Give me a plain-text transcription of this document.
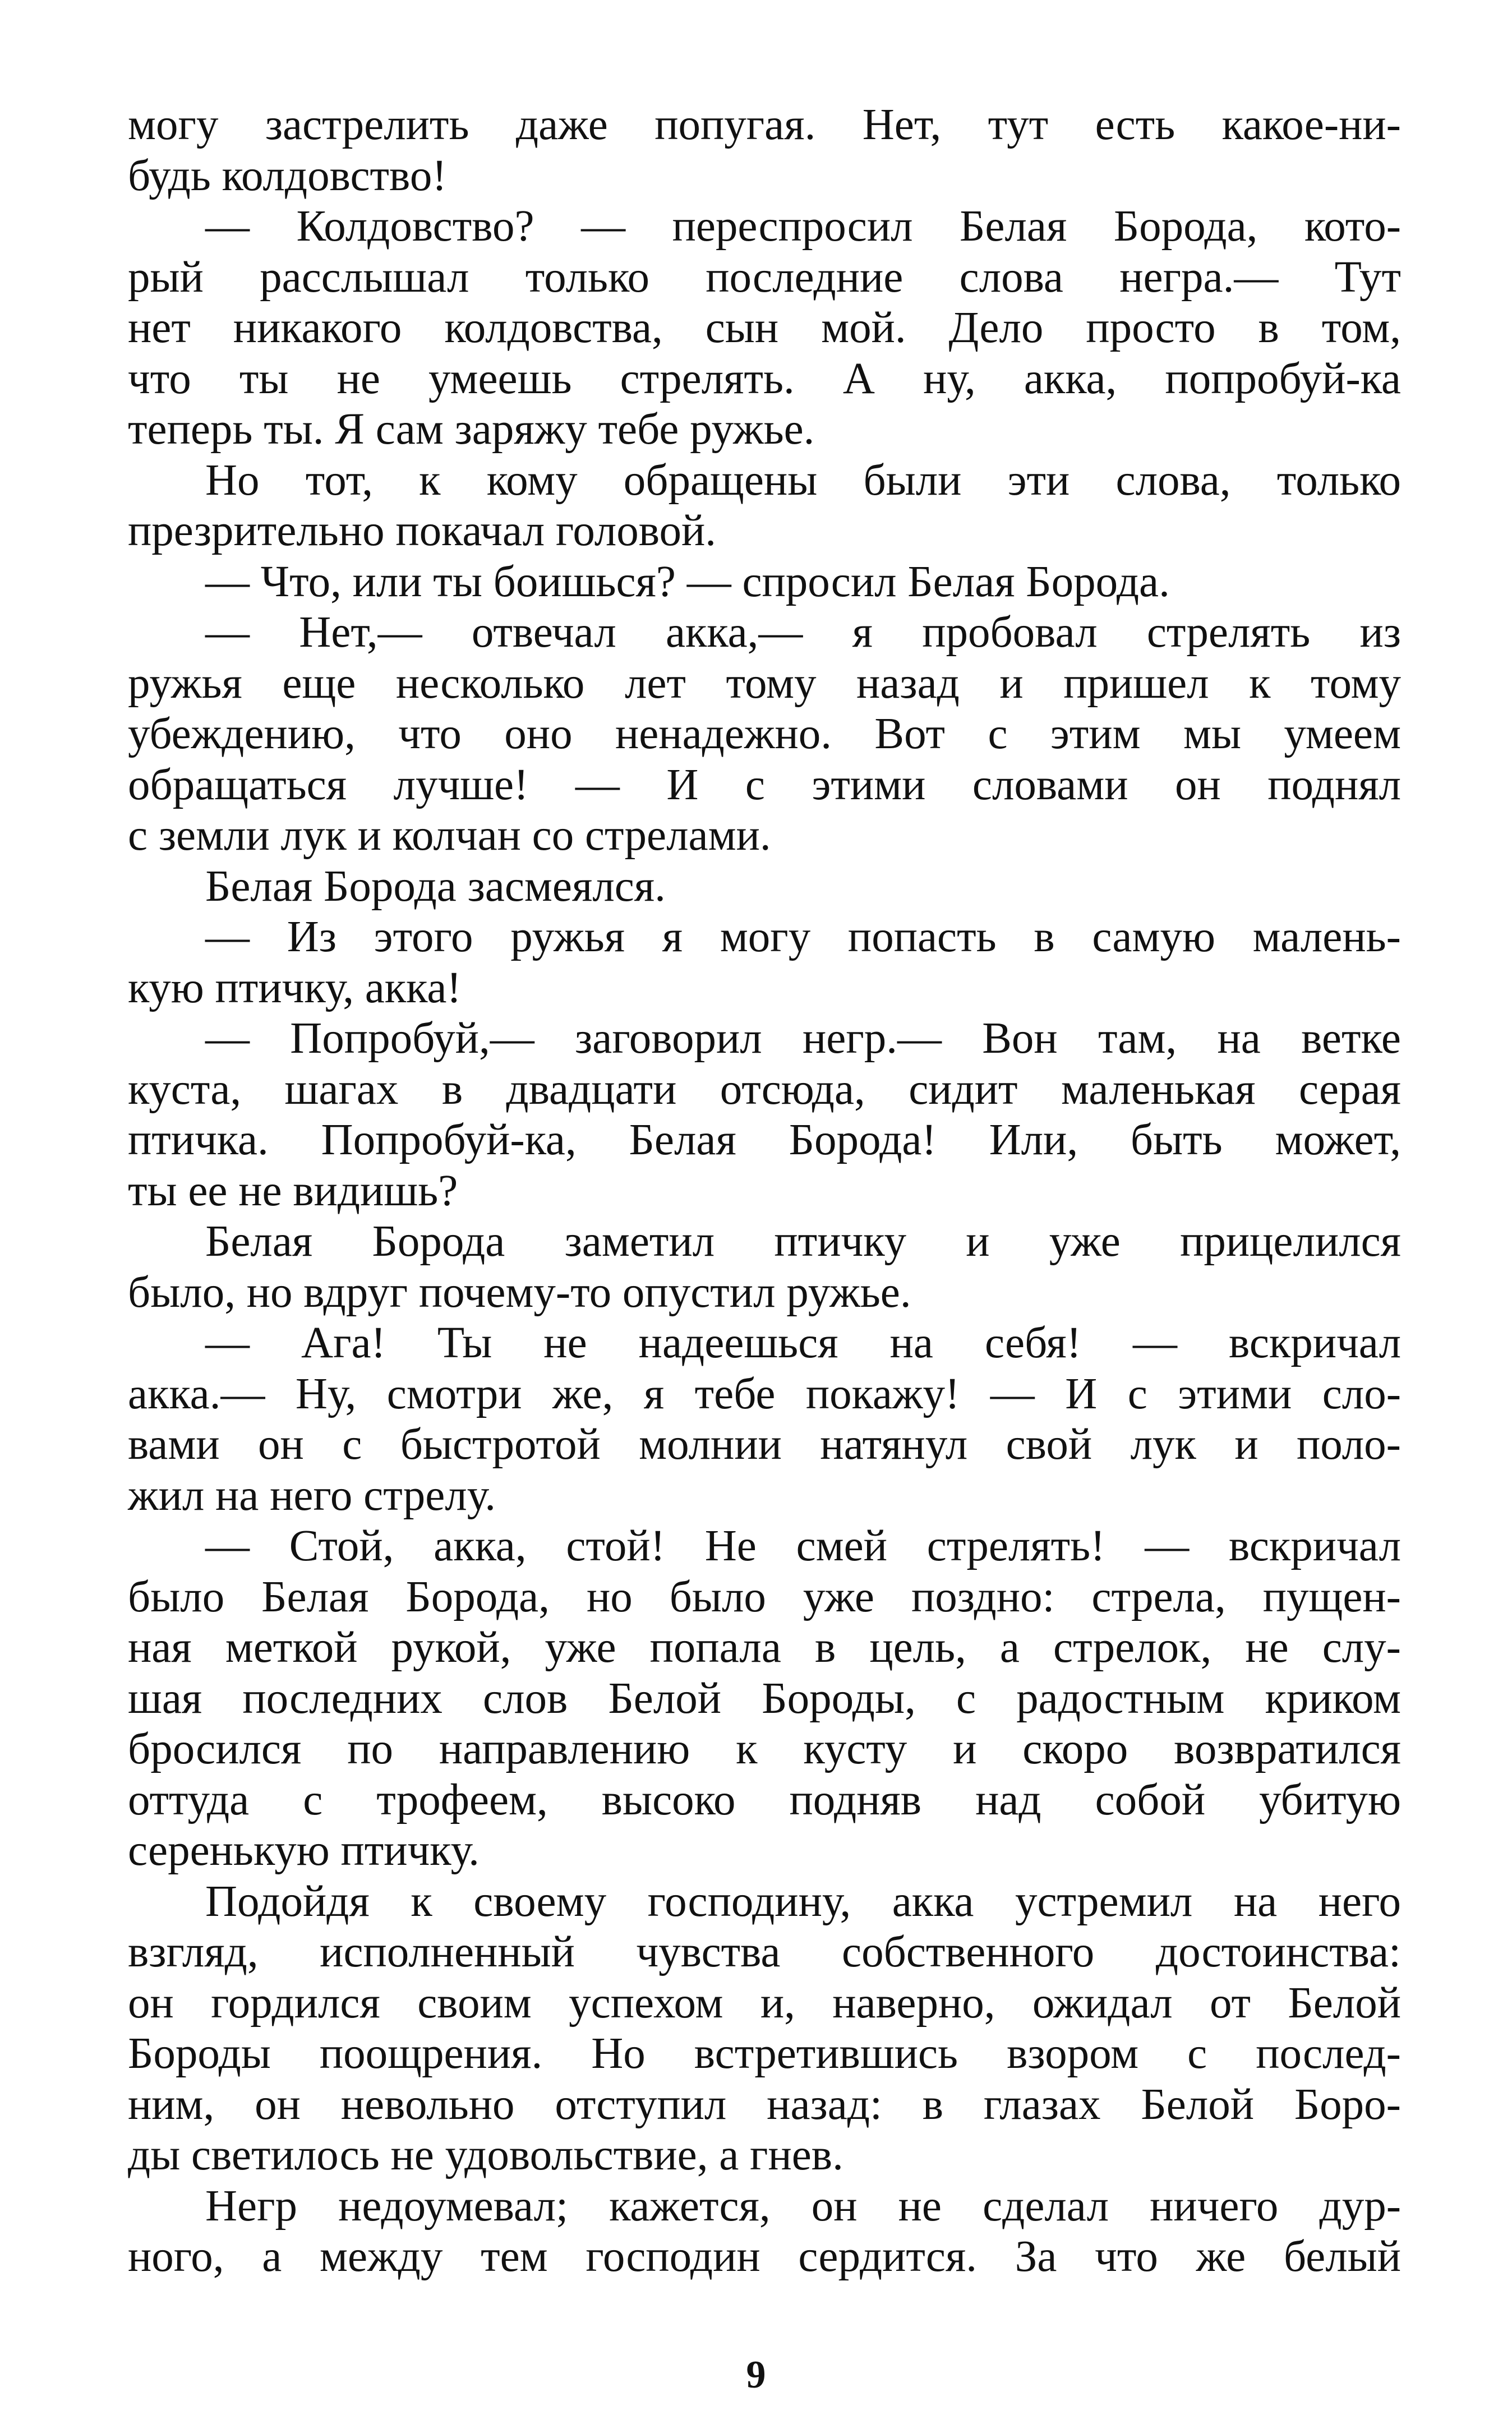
могу застрелить даже попугая. Нет, тут есть какое-ни-
будь колдовство!
— Колдовство? — переспросил Белая Борода, кото-
рый расслышал только последние слова негра.— Тут
нет никакого колдовства, сын мой. Дело просто в том,
что ты не умеешь стрелять. А ну, акка, попробуй-ка
теперь ты. Я сам заряжу тебе ружье.
Но тот, к кому обращены были эти слова, только
презрительно покачал головой.
— Что, или ты боишься? — спросил Белая Борода.
— Нет,— отвечал акка,— я пробовал стрелять из
ружья еще несколько лет тому назад и пришел к тому
убеждению, что оно ненадежно. Вот с этим мы умеем
обращаться лучше! — И с этими словами он поднял
с земли лук и колчан со стрелами.
Белая Борода засмеялся.
— Из этого ружья я могу попасть в самую малень-
кую птичку, акка!
— Попробуй,— заговорил негр.— Вон там, на ветке
куста, шагах в двадцати отсюда, сидит маленькая серая
птичка. Попробуй-ка, Белая Борода! Или, быть может,
ты ее не видишь?
Белая Борода заметил птичку и уже прицелился
было, но вдруг почему-то опустил ружье.
— Ага! Ты не надеешься на себя! — вскричал
акка.— Ну, смотри же, я тебе покажу! — И с этими сло-
вами он с быстротой молнии натянул свой лук и поло-
жил на него стрелу.
— Стой, акка, стой! Не смей стрелять! — вскричал
было Белая Борода, но было уже поздно: стрела, пущен-
ная меткой рукой, уже попала в цель, а стрелок, не слу-
шая последних слов Белой Бороды, с радостным криком
бросился по направлению к кусту и скоро возвратился
оттуда с трофеем, высоко подняв над собой убитую
серенькую птичку.
Подойдя к своему господину, акка устремил на него
взгляд, исполненный чувства собственного достоинства:
он гордился своим успехом и, наверно, ожидал от Белой
Бороды поощрения. Но встретившись взором с послед-
ним, он невольно отступил назад: в глазах Белой Боро-
ды светилось не удовольствие, а гнев.
Негр недоумевал; кажется, он не сделал ничего дур-
ного, а между тем господин сердится. За что же белый
9
